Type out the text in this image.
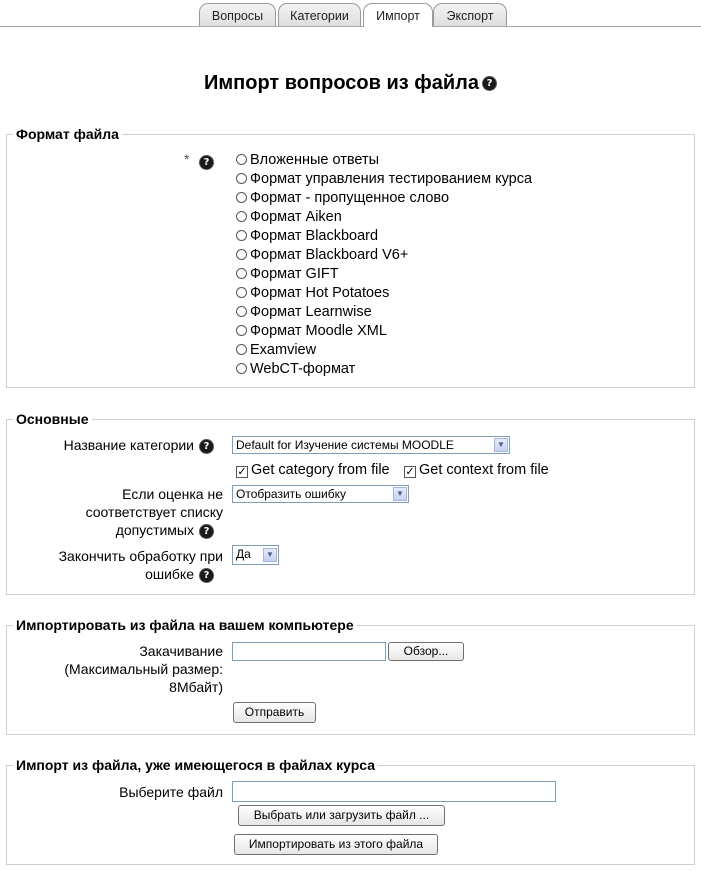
Вопросы	Категории	Импорт	Экспорт
Импорт вопросов из файла ?
Формат файла
*	?	Вложенные ответы
Формат управления тестированием курса
Формат - пропущенное слово
Формат Aiken
Формат Blackboard
Формат Blackboard V6+
Формат GIFT
Формат Hot Potatoes
Формат Learnwise
Формат Moodle XML
Examview
WebCT-формат
Основные
Название категории ?	Default for Изучение системы MOODLE	▼
✓ Get category from file ✓ Get context from file
Если оценка не
соответствует списку
допустимых ?
Отобразить ошибку	▼
Закончить обработку при
ошибке ?
Да	▼
Импортировать из файла на вашем компьютере
Закачивание
(Максимальный размер:
8Мбайт)
Обзор...
Отправить
Импорт из файла, уже имеющегося в файлах курса
Выберите файл
Выбрать или загрузить файл ...
Импортировать из этого файла
